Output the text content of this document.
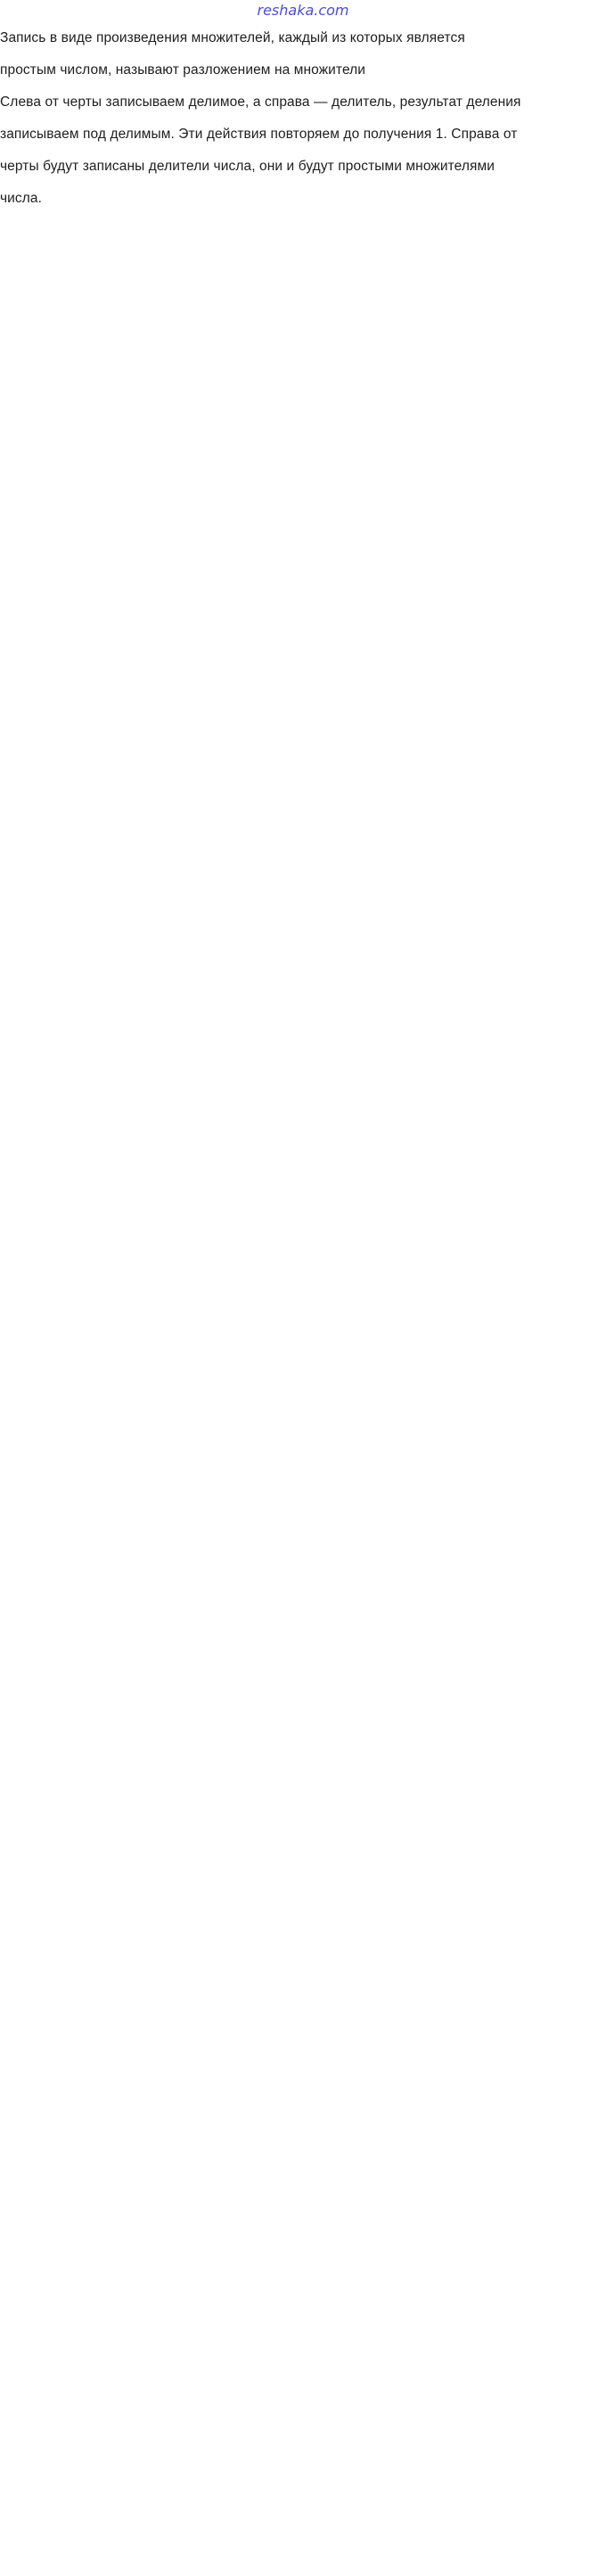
reshaka.com
Запись в виде произведения множителей, каждый из которых является
простым числом, называют разложением на множители
Слева от черты записываем делимое, а справа — делитель, результат деления
записываем под делимым. Эти действия повторяем до получения 1. Справа от
черты будут записаны делители числа, они и будут простыми множителями
числа.
